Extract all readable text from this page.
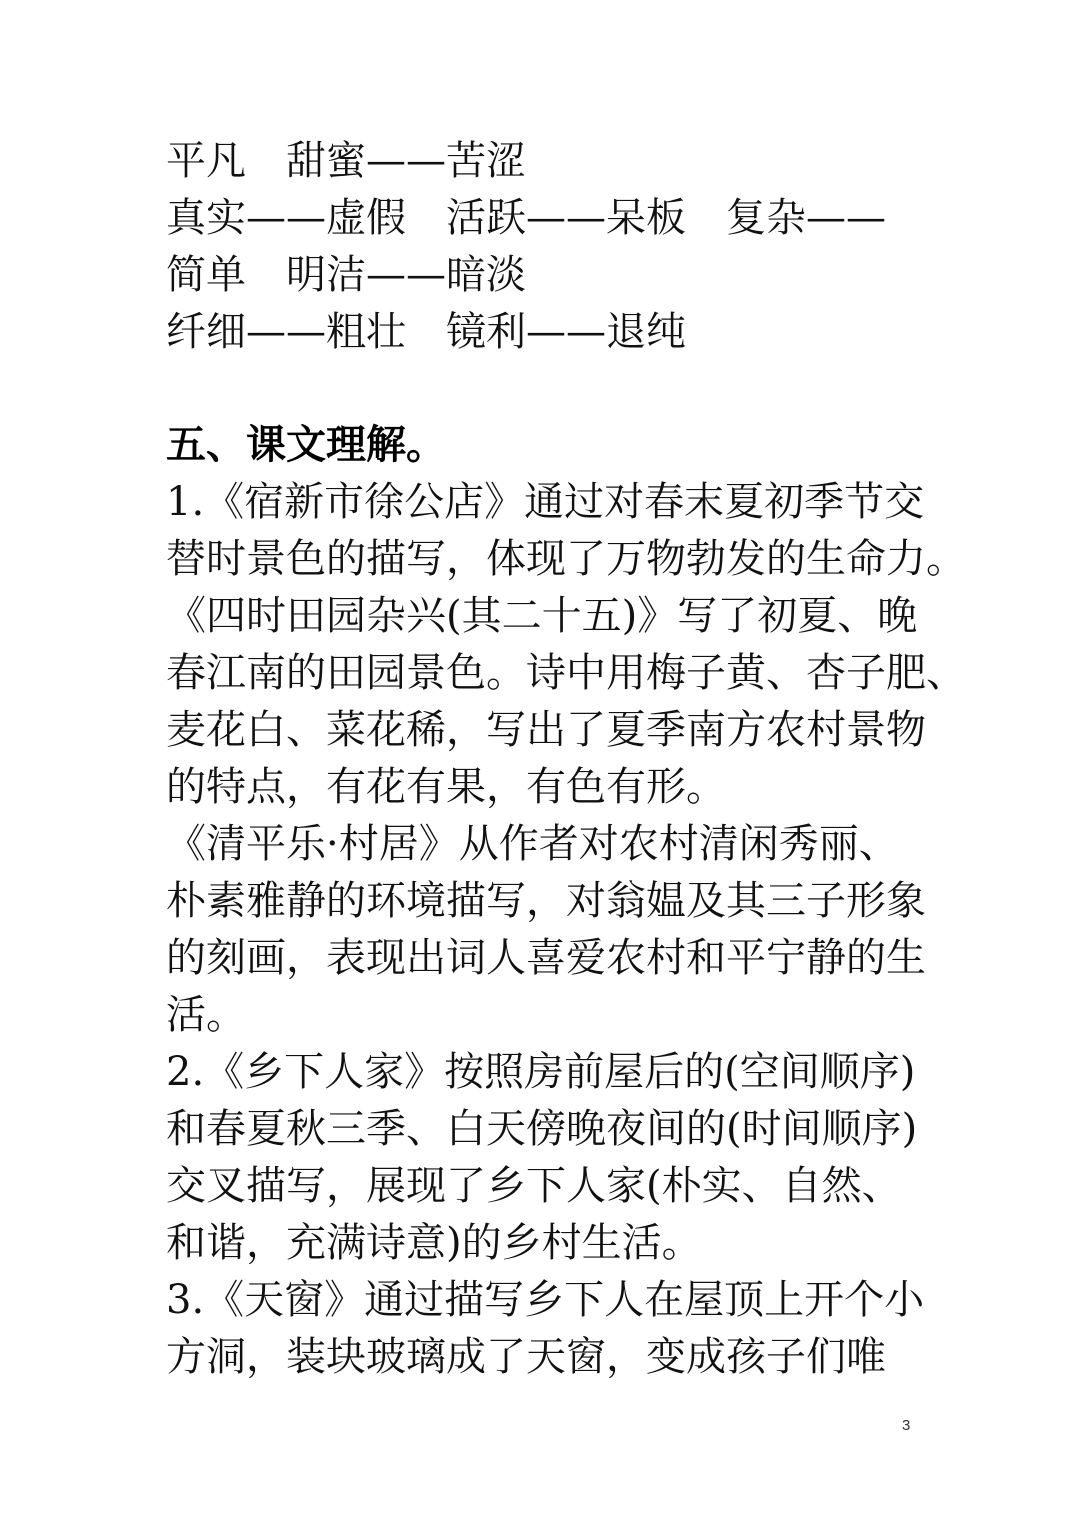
平凡　甜蜜——苦涩
真实——虚假　活跃——呆板　复杂——
简单　明洁——暗淡
纤细——粗壮　镜利——退纯
五、课文理解。
1.《宿新市徐公店》通过对春末夏初季节交
替时景色的描写，体现了万物勃发的生命力。
《四时田园杂兴(其二十五)》写了初夏、晚
春江南的田园景色。诗中用梅子黄、杏子肥、
麦花白、菜花稀，写出了夏季南方农村景物
的特点，有花有果，有色有形。
《清平乐·村居》从作者对农村清闲秀丽、
朴素雅静的环境描写，对翁媪及其三子形象
的刻画，表现出词人喜爱农村和平宁静的生
活。
2.《乡下人家》按照房前屋后的(空间顺序)
和春夏秋三季、白天傍晚夜间的(时间顺序)
交叉描写，展现了乡下人家(朴实、自然、
和谐，充满诗意)的乡村生活。
3.《天窗》通过描写乡下人在屋顶上开个小
方洞，装块玻璃成了天窗，变成孩子们唯
3
